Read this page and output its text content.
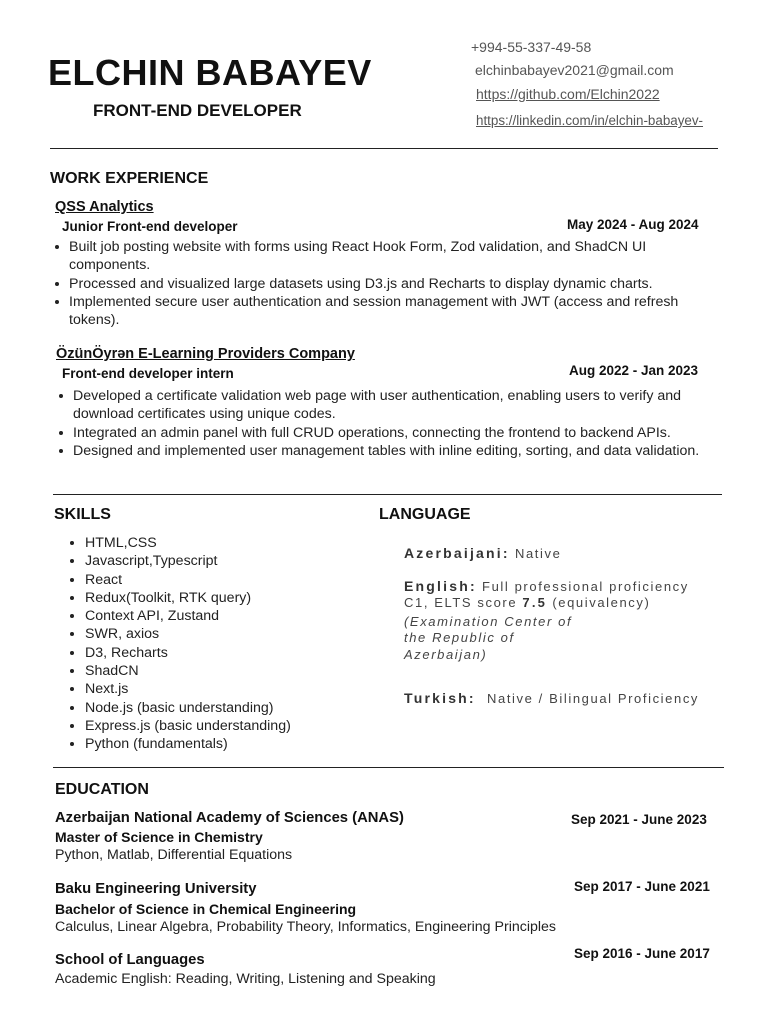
ELCHIN BABAYEV
FRONT-END DEVELOPER
+994-55-337-49-58
elchinbabayev2021@gmail.com
https://github.com/Elchin2022
https://linkedin.com/in/elchin-babayev-
WORK EXPERIENCE
QSS Analytics
Junior Front-end developer	May 2024 - Aug 2024
Built job posting website with forms using React Hook Form, Zod validation, and ShadCN UI components.
Processed and visualized large datasets using D3.js and Recharts to display dynamic charts.
Implemented secure user authentication and session management with JWT (access and refresh tokens).
ÖzünÖyrən E-Learning Providers Company
Front-end developer intern	Aug 2022 - Jan 2023
Developed a certificate validation web page with user authentication, enabling users to verify and download certificates using unique codes.
Integrated an admin panel with full CRUD operations, connecting the frontend to backend APIs.
Designed and implemented user management tables with inline editing, sorting, and data validation.
SKILLS
HTML,CSS
Javascript,Typescript
React
Redux(Toolkit, RTK query)
Context API, Zustand
SWR, axios
D3, Recharts
ShadCN
Next.js
Node.js (basic understanding)
Express.js (basic understanding)
Python (fundamentals)
LANGUAGE
Azerbaijani: Native
English: Full professional proficiency
C1, ELTS score 7.5 (equivalency)
(Examination Center of
the Republic of
Azerbaijan)
Turkish: Native / Bilingual Proficiency
EDUCATION
Azerbaijan National Academy of Sciences (ANAS)	Sep 2021 - June 2023
Master of Science in Chemistry
Python, Matlab, Differential Equations
Baku Engineering University	Sep 2017 - June 2021
Bachelor of Science in Chemical Engineering
Calculus, Linear Algebra, Probability Theory, Informatics, Engineering Principles
School of Languages	Sep 2016 - June 2017
Academic English: Reading, Writing, Listening and Speaking
